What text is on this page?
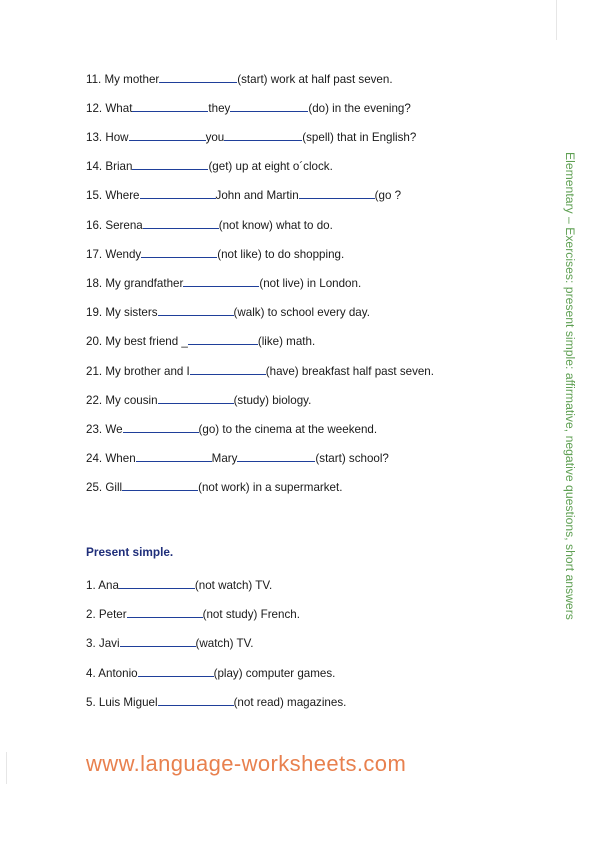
11. My mother	(start) work at half past seven.
12. What	they	(do) in the evening?
13. How	you	(spell) that in English?
14. Brian	(get) up at eight o´clock.
15. Where	John and Martin	(go ?
16. Serena	(not know) what to do.
17. Wendy	(not like) to do shopping.
18. My grandfather	(not live) in London.
19. My sisters	(walk) to school every day.
20. My best friend _	(like) math.
21. My brother and I	(have) breakfast half past seven.
22. My cousin	(study) biology.
23. We	(go) to the cinema at the weekend.
24. When	Mary	(start) school?
25. Gill	(not work) in a supermarket.
Present simple.
1. Ana	(not watch) TV.
2. Peter	(not study) French.
3. Javi	(watch) TV.
4. Antonio	(play) computer games.
5. Luis Miguel	(not read) magazines.
Elementary – Exercises: present simple: affirmative, negative questions, short answers
www.language-worksheets.com
